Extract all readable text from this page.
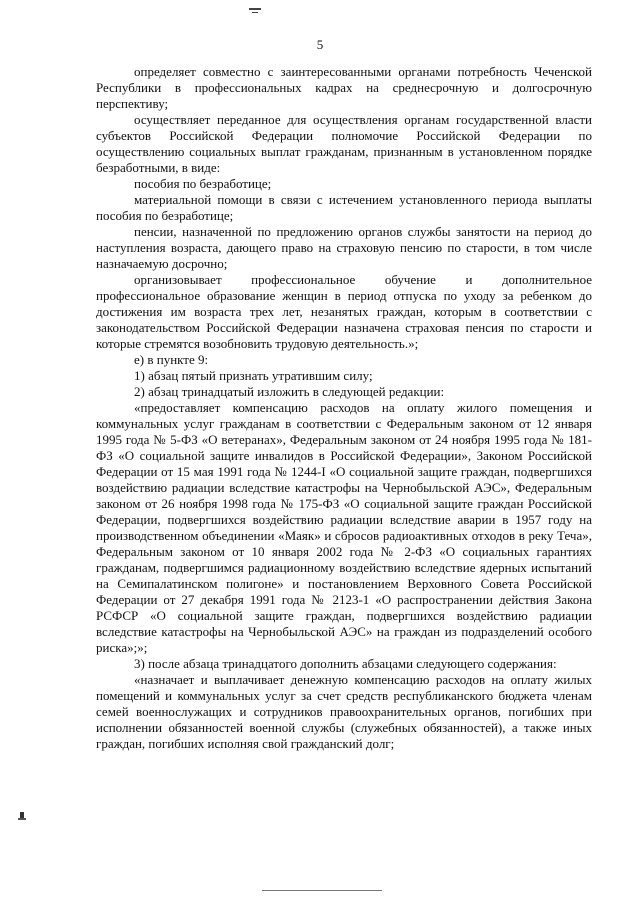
5

определяет совместно с заинтересованными органами потребность Чеченской Республики в профессиональных кадрах на среднесрочную и долгосрочную перспективу;

осуществляет переданное для осуществления органам государственной власти субъектов Российской Федерации полномочие Российской Федерации по осуществлению социальных выплат гражданам, признанным в установленном порядке безработными, в виде:

пособия по безработице;

материальной помощи в связи с истечением установленного периода выплаты пособия по безработице;

пенсии, назначенной по предложению органов службы занятости на период до наступления возраста, дающего право на страховую пенсию по старости, в том числе назначаемую досрочно;

организовывает профессиональное обучение и дополнительное профессиональное образование женщин в период отпуска по уходу за ребенком до достижения им возраста трех лет, незанятых граждан, которым в соответствии с законодательством Российской Федерации назначена страховая пенсия по старости и которые стремятся возобновить трудовую деятельность.»;

е) в пункте 9:

1) абзац пятый признать утратившим силу;

2) абзац тринадцатый изложить в следующей редакции:

«предоставляет компенсацию расходов на оплату жилого помещения и коммунальных услуг гражданам в соответствии с Федеральным законом от 12 января 1995 года № 5-ФЗ «О ветеранах», Федеральным законом от 24 ноября 1995 года № 181-ФЗ «О социальной защите инвалидов в Российской Федерации», Законом Российской Федерации от 15 мая 1991 года № 1244-I «О социальной защите граждан, подвергшихся воздействию радиации вследствие катастрофы на Чернобыльской АЭС», Федеральным законом от 26 ноября 1998 года № 175-ФЗ «О социальной защите граждан Российской Федерации, подвергшихся воздействию радиации вследствие аварии в 1957 году на производственном объединении «Маяк» и сбросов радиоактивных отходов в реку Теча», Федеральным законом от 10 января 2002 года № 2-ФЗ «О социальных гарантиях гражданам, подвергшимся радиационному воздействию вследствие ядерных испытаний на Семипалатинском полигоне» и постановлением Верховного Совета Российской Федерации от 27 декабря 1991 года № 2123-1 «О распространении действия Закона РСФСР «О социальной защите граждан, подвергшихся воздействию радиации вследствие катастрофы на Чернобыльской АЭС» на граждан из подразделений особого риска»;»;

3) после абзаца тринадцатого дополнить абзацами следующего содержания:

«назначает и выплачивает денежную компенсацию расходов на оплату жилых помещений и коммунальных услуг за счет средств республиканского бюджета членам семей военнослужащих и сотрудников правоохранительных органов, погибших при исполнении обязанностей военной службы (служебных обязанностей), а также иных граждан, погибших исполняя свой гражданский долг;
